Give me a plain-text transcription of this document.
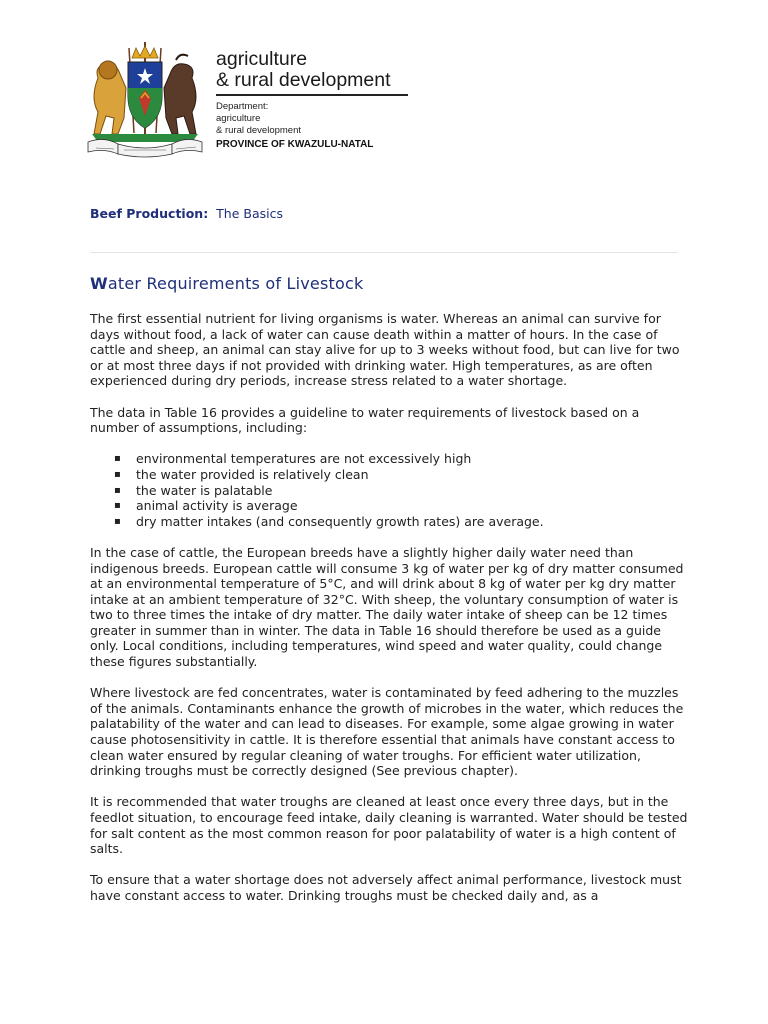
agriculture
& rural development
Department:
agriculture
& rural development
PROVINCE OF KWAZULU-NATAL
Beef Production: The Basics
Water Requirements of Livestock

The first essential nutrient for living organisms is water. Whereas an animal can survive for days without food, a lack of water can cause death within a matter of hours. In the case of cattle and sheep, an animal can stay alive for up to 3 weeks without food, but can live for two or at most three days if not provided with drinking water. High temperatures, as are often experienced during dry periods, increase stress related to a water shortage.

The data in Table 16 provides a guideline to water requirements of livestock based on a number of assumptions, including:

▪ environmental temperatures are not excessively high
▪ the water provided is relatively clean
▪ the water is palatable
▪ animal activity is average
▪ dry matter intakes (and consequently growth rates) are average.

In the case of cattle, the European breeds have a slightly higher daily water need than indigenous breeds. European cattle will consume 3 kg of water per kg of dry matter consumed at an environmental temperature of 5°C, and will drink about 8 kg of water per kg dry matter intake at an ambient temperature of 32°C. With sheep, the voluntary consumption of water is two to three times the intake of dry matter. The daily water intake of sheep can be 12 times greater in summer than in winter. The data in Table 16 should therefore be used as a guide only. Local conditions, including temperatures, wind speed and water quality, could change these figures substantially.

Where livestock are fed concentrates, water is contaminated by feed adhering to the muzzles of the animals. Contaminants enhance the growth of microbes in the water, which reduces the palatability of the water and can lead to diseases. For example, some algae growing in water cause photosensitivity in cattle. It is therefore essential that animals have constant access to clean water ensured by regular cleaning of water troughs. For efficient water utilization, drinking troughs must be correctly designed (See previous chapter).

It is recommended that water troughs are cleaned at least once every three days, but in the feedlot situation, to encourage feed intake, daily cleaning is warranted. Water should be tested for salt content as the most common reason for poor palatability of water is a high content of salts.

To ensure that a water shortage does not adversely affect animal performance, livestock must have constant access to water. Drinking troughs must be checked daily and, as a
